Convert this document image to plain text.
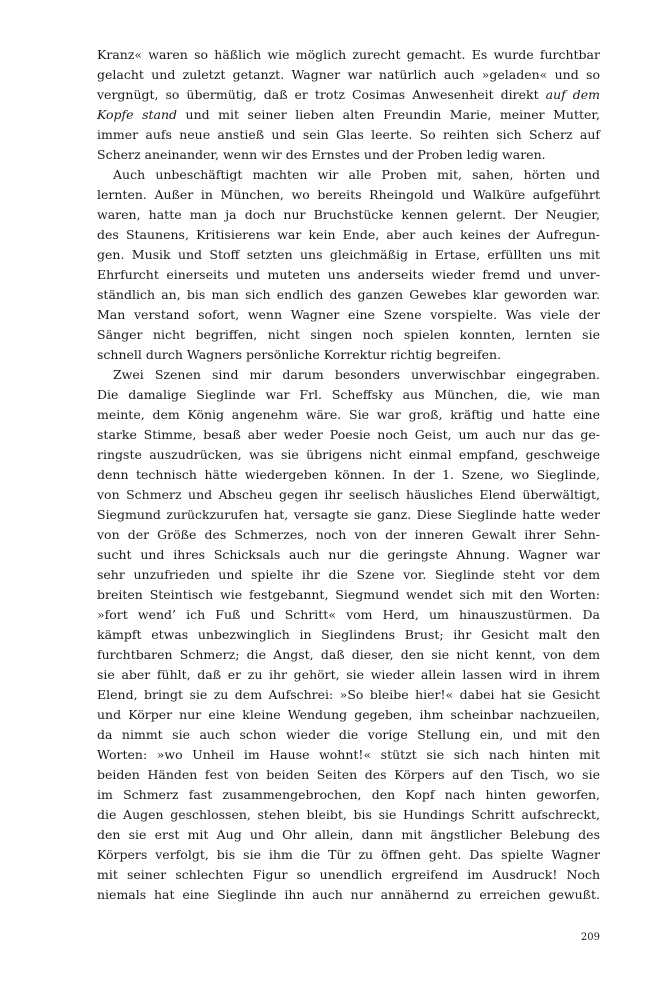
Kranz« waren so häßlich wie möglich zurecht gemacht. Es wurde furchtbar
gelacht und zuletzt getanzt. Wagner war natürlich auch »geladen« und so
vergnügt, so übermütig, daß er trotz Cosimas Anwesenheit direkt auf dem
Kopfe stand und mit seiner lieben alten Freundin Marie, meiner Mutter,
immer aufs neue anstieß und sein Glas leerte. So reihten sich Scherz auf
Scherz aneinander, wenn wir des Ernstes und der Proben ledig waren.
Auch unbeschäftigt machten wir alle Proben mit, sahen, hörten und
lernten. Außer in München, wo bereits Rheingold und Walküre aufgeführt
waren, hatte man ja doch nur Bruchstücke kennen gelernt. Der Neugier,
des Staunens, Kritisierens war kein Ende, aber auch keines der Aufregun-
gen. Musik und Stoff setzten uns gleichmäßig in Ertase, erfüllten uns mit
Ehrfurcht einerseits und muteten uns anderseits wieder fremd und unver-
ständlich an, bis man sich endlich des ganzen Gewebes klar geworden war.
Man verstand sofort, wenn Wagner eine Szene vorspielte. Was viele der
Sänger nicht begriffen, nicht singen noch spielen konnten, lernten sie
schnell durch Wagners persönliche Korrektur richtig begreifen.
Zwei Szenen sind mir darum besonders unverwischbar eingegraben.
Die damalige Sieglinde war Frl. Scheffsky aus München, die, wie man
meinte, dem König angenehm wäre. Sie war groß, kräftig und hatte eine
starke Stimme, besaß aber weder Poesie noch Geist, um auch nur das ge-
ringste auszudrücken, was sie übrigens nicht einmal empfand, geschweige
denn technisch hätte wiedergeben können. In der 1. Szene, wo Sieglinde,
von Schmerz und Abscheu gegen ihr seelisch häusliches Elend überwältigt,
Siegmund zurückzurufen hat, versagte sie ganz. Diese Sieglinde hatte weder
von der Größe des Schmerzes, noch von der inneren Gewalt ihrer Sehn-
sucht und ihres Schicksals auch nur die geringste Ahnung. Wagner war
sehr unzufrieden und spielte ihr die Szene vor. Sieglinde steht vor dem
breiten Steintisch wie festgebannt, Siegmund wendet sich mit den Worten:
»fort wend’ ich Fuß und Schritt« vom Herd, um hinauszustürmen. Da
kämpft etwas unbezwinglich in Sieglindens Brust; ihr Gesicht malt den
furchtbaren Schmerz; die Angst, daß dieser, den sie nicht kennt, von dem
sie aber fühlt, daß er zu ihr gehört, sie wieder allein lassen wird in ihrem
Elend, bringt sie zu dem Aufschrei: »So bleibe hier!« dabei hat sie Gesicht
und Körper nur eine kleine Wendung gegeben, ihm scheinbar nachzueilen,
da nimmt sie auch schon wieder die vorige Stellung ein, und mit den
Worten: »wo Unheil im Hause wohnt!« stützt sie sich nach hinten mit
beiden Händen fest von beiden Seiten des Körpers auf den Tisch, wo sie
im Schmerz fast zusammengebrochen, den Kopf nach hinten geworfen,
die Augen geschlossen, stehen bleibt, bis sie Hundings Schritt aufschreckt,
den sie erst mit Aug und Ohr allein, dann mit ängstlicher Belebung des
Körpers verfolgt, bis sie ihm die Tür zu öffnen geht. Das spielte Wagner
mit seiner schlechten Figur so unendlich ergreifend im Ausdruck! Noch
niemals hat eine Sieglinde ihn auch nur annähernd zu erreichen gewußt.
209
